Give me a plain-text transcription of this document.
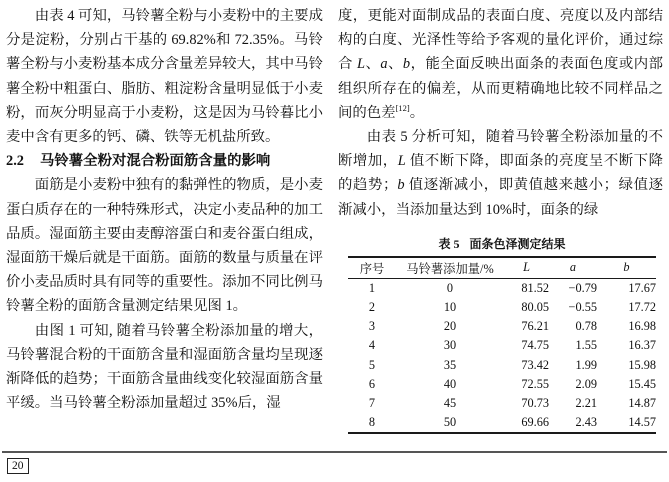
由表 4 可知，马铃薯全粉与小麦粉中的主要成分是淀粉，分别占干基的 69.82%和 72.35%。马铃薯全粉与小麦粉基本成分含量差异较大，其中马铃薯全粉中粗蛋白、脂肪、粗淀粉含量明显低于小麦粉，而灰分明显高于小麦粉，这是因为马铃暮比小麦中含有更多的钙、磷、铁等无机盐所致。

2.2 马铃薯全粉对混合粉面筋含量的影响

面筋是小麦粉中独有的黏弹性的物质，是小麦蛋白质存在的一种特殊形式，决定小麦品种的加工品质。湿面筋主要由麦醇溶蛋白和麦谷蛋白组成，湿面筋干燥后就是干面筋。面筋的数量与质量在评价小麦品质时具有同等的重要性。添加不同比例马铃薯全粉的面筋含量测定结果见图 1。

由图 1 可知, 随着马铃薯全粉添加量的增大，马铃薯混合粉的干面筋含量和湿面筋含量均呈现逐渐降低的趋势；干面筋含量曲线变化较湿面筋含量平缓。当马铃薯全粉添加量超过 35%后，湿

度，更能对面制成品的表面白度、亮度以及内部结构的白度、光泽性等给予客观的量化评价，通过综合 L、a、b，能全面反映出面条的表面色度或内部组织所存在的偏差，从而更精确地比较不同样品之间的色差[12]。

由表 5 分析可知，随着马铃薯全粉添加量的不断增加，L 值不断下降，即面条的亮度呈不断下降的趋势；b 值逐渐减小，即黄值越来越小；绿值逐渐减小，当添加量达到 10%时，面条的绿

表 5 面条色泽测定结果
序号	马铃薯添加量/%	L	a	b
1	0	81.52	−0.79	17.67
2	10	80.05	−0.55	17.72
3	20	76.21	0.78	16.98
4	30	74.75	1.55	16.37
5	35	73.42	1.99	15.98
6	40	72.55	2.09	15.45
7	45	70.73	2.21	14.87
8	50	69.66	2.43	14.57
20
